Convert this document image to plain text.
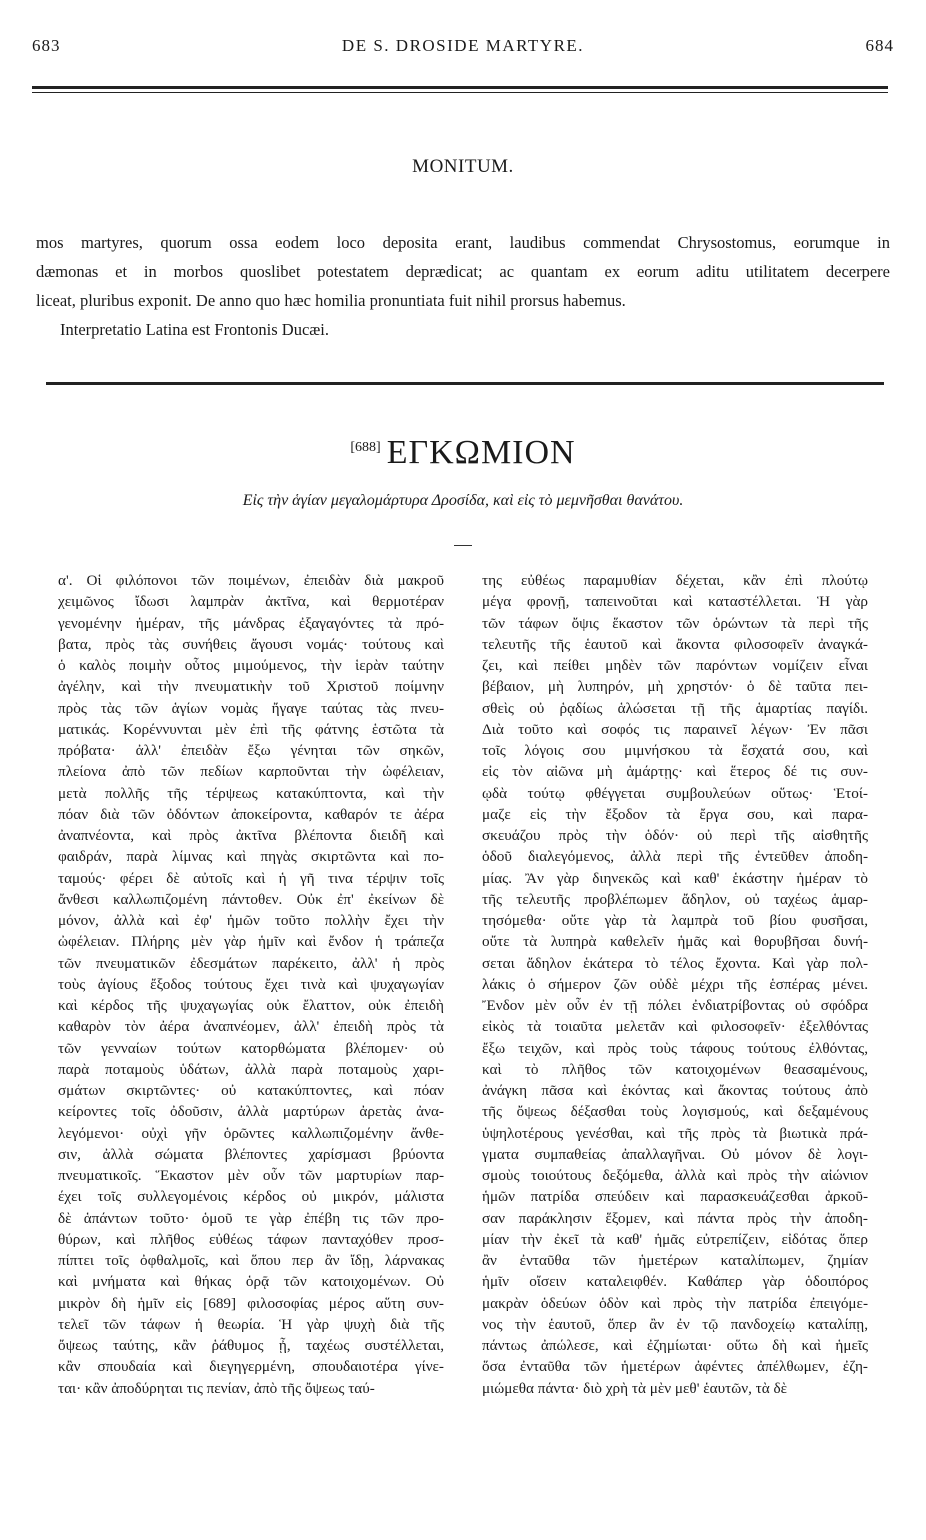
683	DE S. DROSIDE MARTYRE.	684
MONITUM.

mos martyres, quorum ossa eodem loco deposita erant, laudibus commendat Chrysostomus, eorumque in

dæmonas et in morbos quoslibet potestatem deprædicat; ac quantam ex eorum aditu utilitatem decerpere

liceat, pluribus exponit. De anno quo hæc homilia pronuntiata fuit nihil prorsus habemus.

Interpretatio Latina est Frontonis Ducæi.

[688] ΕΓΚΩΜΙΟΝ
Εἰς τὴν ἁγίαν μεγαλομάρτυρα Δροσίδα, καὶ εἰς τὸ μεμνῆσθαι θανάτου.
α'. Οἱ φιλόπονοι τῶν ποιμένων, ἐπειδὰν διὰ μακροῦ
χειμῶνος ἴδωσι λαμπρὰν ἀκτῖνα, καὶ θερμοτέραν
γενομένην ἡμέραν, τῆς μάνδρας ἐξαγαγόντες τὰ πρό-
βατα, πρὸς τὰς συνήθεις ἄγουσι νομάς· τούτους καὶ
ὁ καλὸς ποιμὴν οὗτος μιμούμενος, τὴν ἱερὰν ταύτην
ἀγέλην, καὶ τὴν πνευματικὴν τοῦ Χριστοῦ ποίμνην
πρὸς τὰς τῶν ἁγίων νομὰς ἤγαγε ταύτας τὰς πνευ-
ματικάς. Κορέννυνται μὲν ἐπὶ τῆς φάτνης ἑστῶτα τὰ
πρόβατα· ἀλλ' ἐπειδὰν ἔξω γένηται τῶν σηκῶν,
πλείονα ἀπὸ τῶν πεδίων καρποῦνται τὴν ὠφέλειαν,
μετὰ πολλῆς τῆς τέρψεως κατακύπτοντα, καὶ τὴν
πόαν διὰ τῶν ὀδόντων ἀποκείροντα, καθαρόν τε ἀέρα
ἀναπνέοντα, καὶ πρὸς ἀκτῖνα βλέποντα διειδῆ καὶ
φαιδράν, παρὰ λίμνας καὶ πηγὰς σκιρτῶντα καὶ πο-
ταμούς· φέρει δὲ αὐτοῖς καὶ ἡ γῆ τινα τέρψιν τοῖς
ἄνθεσι καλλωπιζομένη πάντοθεν. Οὐκ ἐπ' ἐκείνων δὲ
μόνον, ἀλλὰ καὶ ἐφ' ἡμῶν τοῦτο πολλὴν ἔχει τὴν
ὠφέλειαν. Πλήρης μὲν γὰρ ἡμῖν καὶ ἔνδον ἡ τράπεζα
τῶν πνευματικῶν ἐδεσμάτων παρέκειτο, ἀλλ' ἡ πρὸς
τοὺς ἁγίους ἔξοδος τούτους ἔχει τινὰ καὶ ψυχαγωγίαν
καὶ κέρδος τῆς ψυχαγωγίας οὐκ ἔλαττον, οὐκ ἐπειδὴ
καθαρὸν τὸν ἀέρα ἀναπνέομεν, ἀλλ' ἐπειδὴ πρὸς τὰ
τῶν γενναίων τούτων κατορθώματα βλέπομεν· οὐ
παρὰ ποταμοὺς ὑδάτων, ἀλλὰ παρὰ ποταμοὺς χαρι-
σμάτων σκιρτῶντες· οὐ κατακύπτοντες, καὶ πόαν
κείροντες τοῖς ὀδοῦσιν, ἀλλὰ μαρτύρων ἀρετὰς ἀνα-
λεγόμενοι· οὐχὶ γῆν ὁρῶντες καλλωπιζομένην ἄνθε-
σιν, ἀλλὰ σώματα βλέποντες χαρίσμασι βρύοντα
πνευματικοῖς. Ἕκαστον μὲν οὖν τῶν μαρτυρίων παρ-
έχει τοῖς συλλεγομένοις κέρδος οὐ μικρόν, μάλιστα
δὲ ἁπάντων τοῦτο· ὁμοῦ τε γὰρ ἐπέβη τις τῶν προ-
θύρων, καὶ πλῆθος εὐθέως τάφων πανταχόθεν προσ-
πίπτει τοῖς ὀφθαλμοῖς, καὶ ὅπου περ ἂν ἴδῃ, λάρνακας
καὶ μνήματα καὶ θήκας ὁρᾷ τῶν κατοιχομένων. Οὐ
μικρὸν δὴ ἡμῖν εἰς [689] φιλοσοφίας μέρος αὕτη συν-
τελεῖ τῶν τάφων ἡ θεωρία. Ἡ γὰρ ψυχὴ διὰ τῆς
ὄψεως ταύτης, κἂν ῥάθυμος ᾖ, ταχέως συστέλλεται,
κἂν σπουδαία καὶ διεγηγερμένη, σπουδαιοτέρα γίνε-
ται· κἂν ἀποδύρηται τις πενίαν, ἀπὸ τῆς ὄψεως ταύ-
της εὐθέως παραμυθίαν δέχεται, κἂν ἐπὶ πλούτῳ
μέγα φρονῇ, ταπεινοῦται καὶ καταστέλλεται. Ἡ γὰρ
τῶν τάφων ὄψις ἕκαστον τῶν ὁρώντων τὰ περὶ τῆς
τελευτῆς τῆς ἑαυτοῦ καὶ ἄκοντα φιλοσοφεῖν ἀναγκά-
ζει, καὶ πείθει μηδὲν τῶν παρόντων νομίζειν εἶναι
βέβαιον, μὴ λυπηρόν, μὴ χρηστόν· ὁ δὲ ταῦτα πει-
σθεὶς οὐ ῥᾳδίως ἁλώσεται τῇ τῆς ἁμαρτίας παγίδι.
Διὰ τοῦτο καὶ σοφός τις παραινεῖ λέγων· Ἐν πᾶσι
τοῖς λόγοις σου μιμνήσκου τὰ ἔσχατά σου, καὶ
εἰς τὸν αἰῶνα μὴ ἁμάρτῃς· καὶ ἕτερος δέ τις συν-
ῳδὰ τούτῳ φθέγγεται συμβουλεύων οὕτως· Ἑτοί-
μαζε εἰς τὴν ἔξοδον τὰ ἔργα σου, καὶ παρα-
σκευάζου πρὸς τὴν ὁδόν· οὐ περὶ τῆς αἰσθητῆς
ὁδοῦ διαλεγόμενος, ἀλλὰ περὶ τῆς ἐντεῦθεν ἀποδη-
μίας. Ἂν γὰρ διηνεκῶς καὶ καθ' ἑκάστην ἡμέραν τὸ
τῆς τελευτῆς προβλέπωμεν ἄδηλον, οὐ ταχέως ἁμαρ-
τησόμεθα· οὔτε γὰρ τὰ λαμπρὰ τοῦ βίου φυσῆσαι,
οὔτε τὰ λυπηρὰ καθελεῖν ἡμᾶς καὶ θορυβῆσαι δυνή-
σεται ἄδηλον ἑκάτερα τὸ τέλος ἔχοντα. Καὶ γὰρ πολ-
λάκις ὁ σήμερον ζῶν οὐδὲ μέχρι τῆς ἑσπέρας μένει.
Ἔνδον μὲν οὖν ἐν τῇ πόλει ἐνδιατρίβοντας οὐ σφόδρα
εἰκὸς τὰ τοιαῦτα μελετᾶν καὶ φιλοσοφεῖν· ἐξελθόντας
ἔξω τειχῶν, καὶ πρὸς τοὺς τάφους τούτους ἐλθόντας,
καὶ τὸ πλῆθος τῶν κατοιχομένων θεασαμένους,
ἀνάγκη πᾶσα καὶ ἑκόντας καὶ ἄκοντας τούτους ἀπὸ
τῆς ὄψεως δέξασθαι τοὺς λογισμούς, καὶ δεξαμένους
ὑψηλοτέρους γενέσθαι, καὶ τῆς πρὸς τὰ βιωτικὰ πρά-
γματα συμπαθείας ἀπαλλαγῆναι. Οὐ μόνον δὲ λογι-
σμοὺς τοιούτους δεξόμεθα, ἀλλὰ καὶ πρὸς τὴν αἰώνιον
ἡμῶν πατρίδα σπεύδειν καὶ παρασκευάζεσθαι ἀρκοῦ-
σαν παράκλησιν ἕξομεν, καὶ πάντα πρὸς τὴν ἀποδη-
μίαν τὴν ἐκεῖ τὰ καθ' ἡμᾶς εὐτρεπίζειν, εἰδότας ὅπερ
ἂν ἐνταῦθα τῶν ἡμετέρων καταλίπωμεν, ζημίαν
ἡμῖν οἴσειν καταλειφθέν. Καθάπερ γὰρ ὁδοιπόρος
μακρὰν ὁδεύων ὁδὸν καὶ πρὸς τὴν πατρίδα ἐπειγόμε-
νος τὴν ἑαυτοῦ, ὅπερ ἂν ἐν τῷ πανδοχείῳ καταλίπῃ,
πάντως ἀπώλεσε, καὶ ἐζημίωται· οὕτω δὴ καὶ ἡμεῖς
ὅσα ἐνταῦθα τῶν ἡμετέρων ἀφέντες ἀπέλθωμεν, ἐζη-
μιώμεθα πάντα· διὸ χρὴ τὰ μὲν μεθ' ἑαυτῶν, τὰ δὲ
